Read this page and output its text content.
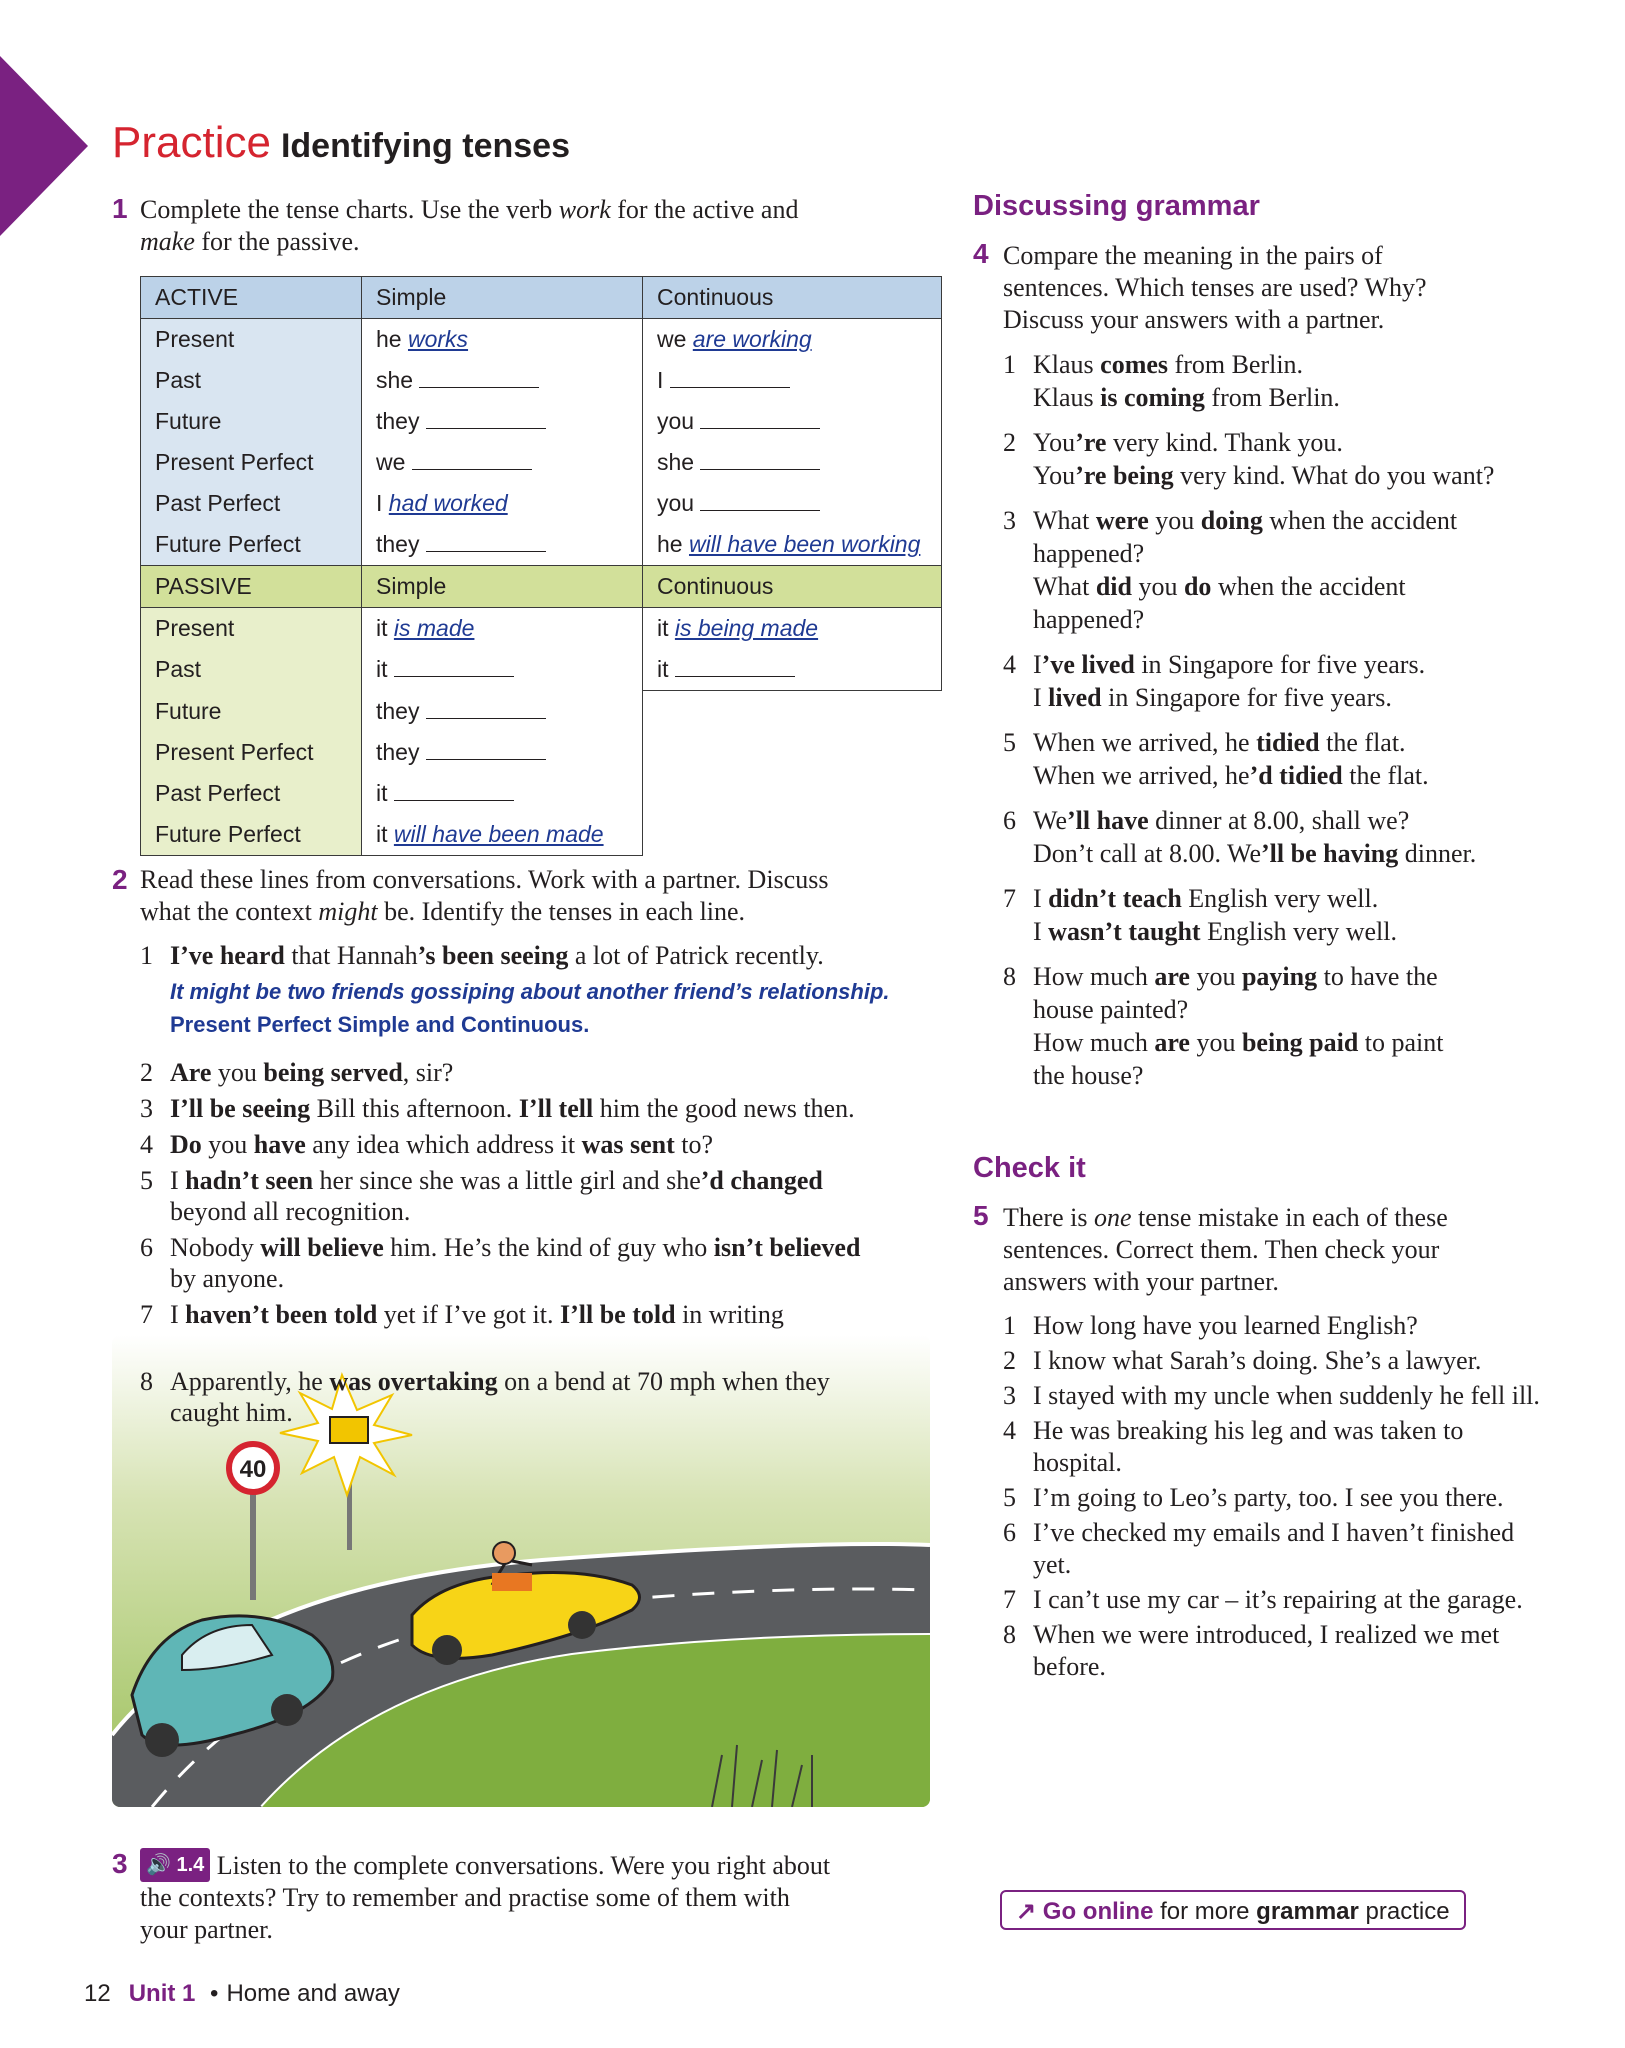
Practice Identifying tenses
1 Complete the tense charts. Use the verb work for the active and
make for the passive.
ACTIVE	Simple	Continuous
Present	he works	we are working
Past	she	I
Future	they	you
Present Perfect	we	she
Past Perfect	I had worked	you
Future Perfect	they	he will have been working
PASSIVE	Simple	Continuous
Present	it is made	it is being made
Past	it	it
Future	they	
Present Perfect	they	
Past Perfect	it	
Future Perfect	it will have been made	
2 Read these lines from conversations. Work with a partner. Discuss
what the context might be. Identify the tenses in each line.
1 I’ve heard that Hannah’s been seeing a lot of Patrick recently.
It might be two friends gossiping about another friend’s relationship.
Present Perfect Simple and Continuous.
2 Are you being served, sir?
3 I’ll be seeing Bill this afternoon. I’ll tell him the good news then.
4 Do you have any idea which address it was sent to?
5 I hadn’t seen her since she was a little girl and she’d changed
beyond all recognition.
6 Nobody will believe him. He’s the kind of guy who isn’t believed
by anyone.
7 I haven’t been told yet if I’ve got it. I’ll be told in writing

8 Apparently, he was overtaking on a bend at 70 mph when they
caught him.
40
3 🔊 1.4 Listen to the complete conversations. Were you right about
the contexts? Try to remember and practise some of them with
your partner.
Discussing grammar
4 Compare the meaning in the pairs of
sentences. Which tenses are used? Why?
Discuss your answers with a partner.
1 Klaus comes from Berlin.
Klaus is coming from Berlin.
2 You’re very kind. Thank you.
You’re being very kind. What do you want?
3 What were you doing when the accident
happened?
What did you do when the accident
happened?
4 I’ve lived in Singapore for five years.
I lived in Singapore for five years.
5 When we arrived, he tidied the flat.
When we arrived, he’d tidied the flat.
6 We’ll have dinner at 8.00, shall we?
Don’t call at 8.00. We’ll be having dinner.
7 I didn’t teach English very well.
I wasn’t taught English very well.
8 How much are you paying to have the
house painted?
How much are you being paid to paint
the house?
Check it
5 There is one tense mistake in each of these
sentences. Correct them. Then check your
answers with your partner.
1 How long have you learned English?
2 I know what Sarah’s doing. She’s a lawyer.
3 I stayed with my uncle when suddenly he fell ill.
4 He was breaking his leg and was taken to hospital.
5 I’m going to Leo’s party, too. I see you there.
6 I’ve checked my emails and I haven’t finished yet.
7 I can’t use my car – it’s repairing at the garage.
8 When we were introduced, I realized we met before.
↗ Go online for more grammar practice
12 Unit 1 • Home and away
